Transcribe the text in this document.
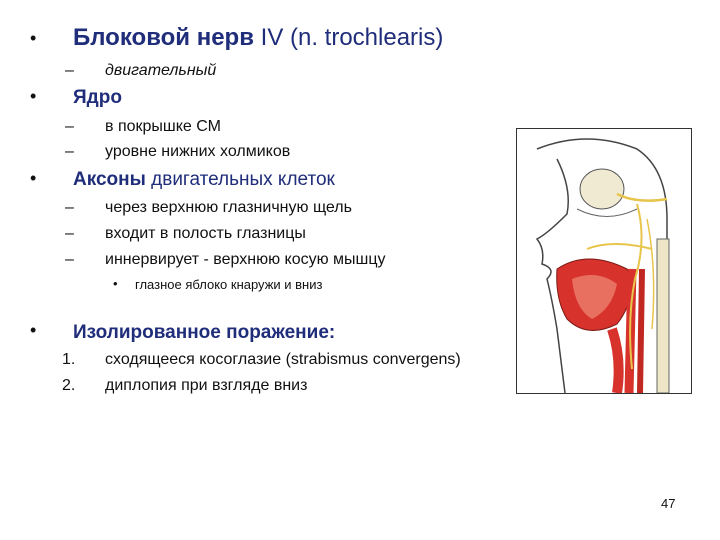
• Блоковой нерв IV (n. trochlearis)
– двигательный
• Ядро
– в покрышке СМ
– уровне нижних холмиков
• Аксоны двигательных клеток
– через верхнюю глазничную щель
– входит в полость глазницы
– иннервирует - верхнюю косую мышцу
• глазное яблоко кнаружи и вниз
• Изолированное поражение:
1. сходящееся косоглазие (strabismus convergens)
2. диплопия при взгляде вниз
47
